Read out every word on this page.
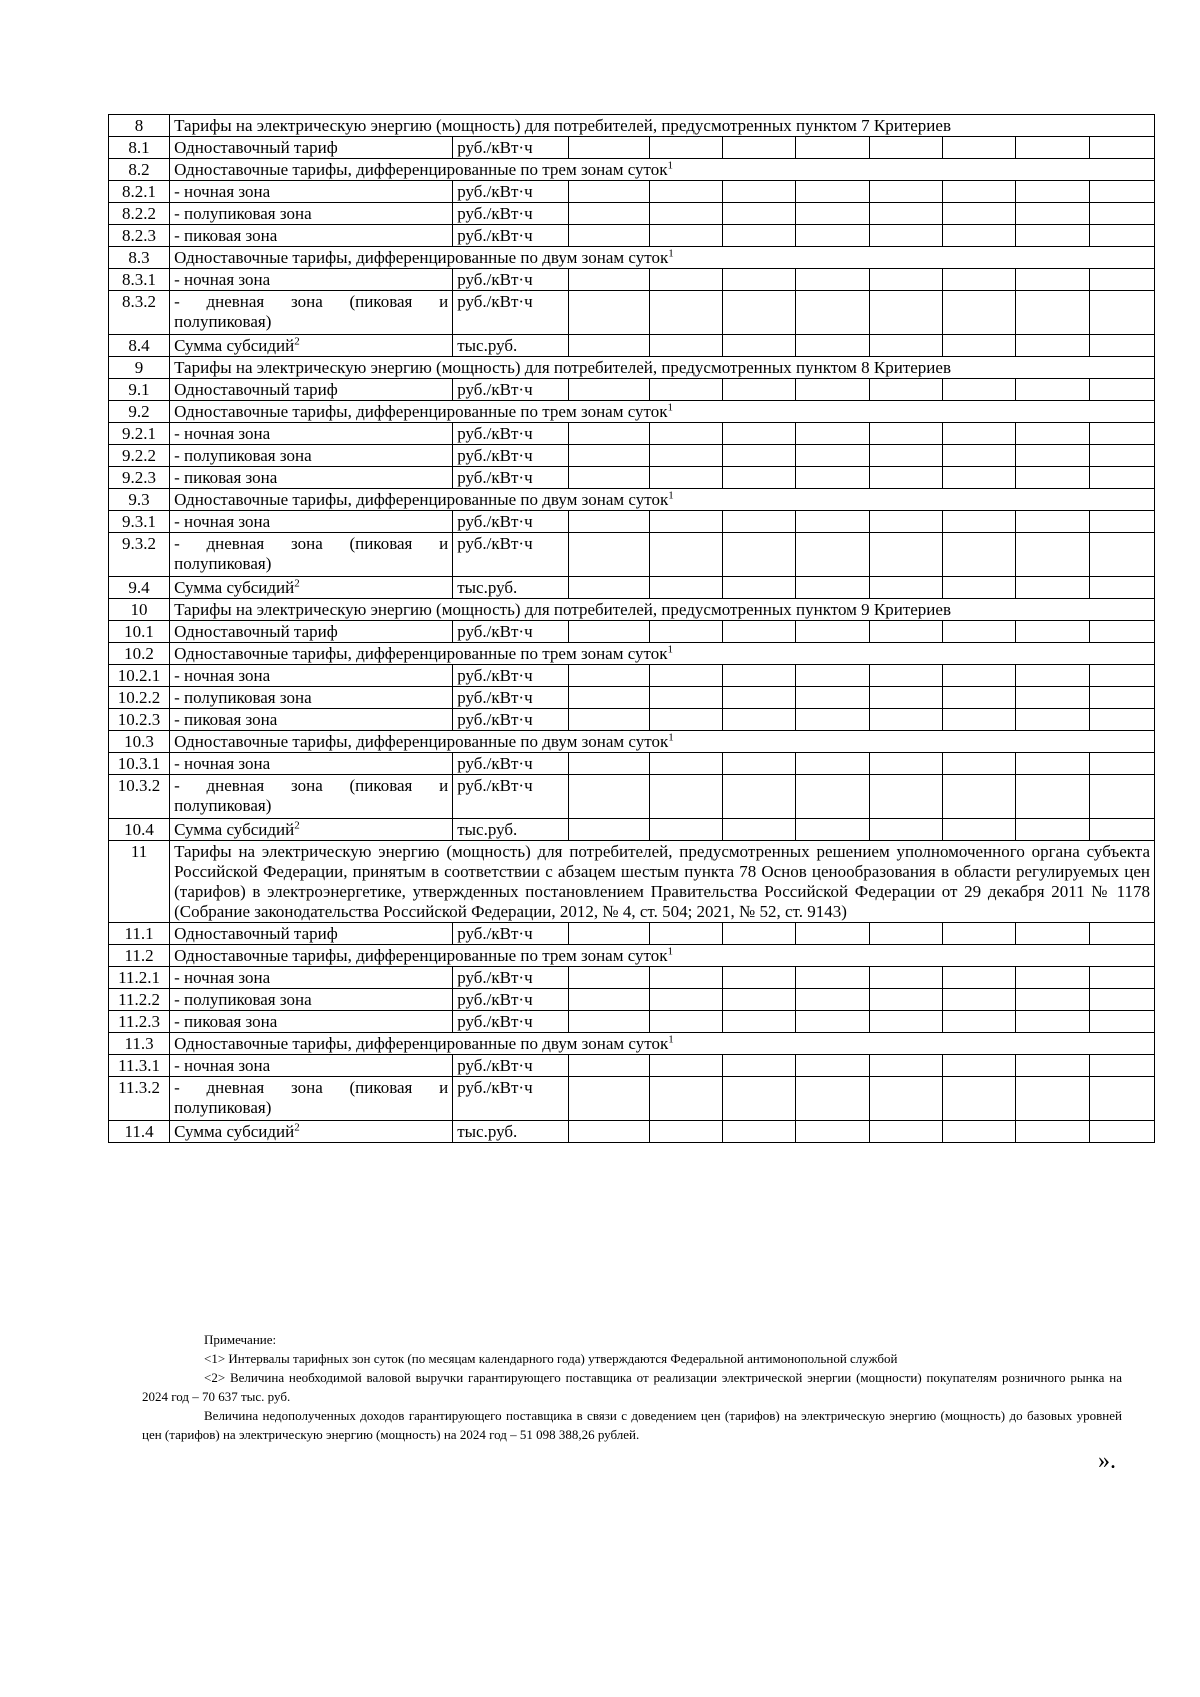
8	Тарифы на электрическую энергию (мощность) для потребителей, предусмотренных пунктом 7 Критериев									
8.1	Одноставочный тариф	руб./кВт·ч								
8.2	Одноставочные тарифы, дифференцированные по трем зонам суток$^1$
8.2.1	- ночная зона	руб./кВт·ч								
8.2.2	- полупиковая зона	руб./кВт·ч								
8.2.3	- пиковая зона	руб./кВт·ч								
8.3	Одноставочные тарифы, дифференцированные по двум зонам суток$^1$
8.3.1	- ночная зона	руб./кВт·ч								
8.3.2	- дневная зона (пиковая и полупиковая)	руб./кВт·ч								
8.4	Сумма субсидий$^2$	тыс.руб.								
9	Тарифы на электрическую энергию (мощность) для потребителей, предусмотренных пунктом 8 Критериев									
9.1	Одноставочный тариф	руб./кВт·ч								
9.2	Одноставочные тарифы, дифференцированные по трем зонам суток$^1$
9.2.1	- ночная зона	руб./кВт·ч								
9.2.2	- полупиковая зона	руб./кВт·ч								
9.2.3	- пиковая зона	руб./кВт·ч								
9.3	Одноставочные тарифы, дифференцированные по двум зонам суток$^1$
9.3.1	- ночная зона	руб./кВт·ч								
9.3.2	- дневная зона (пиковая и полупиковая)	руб./кВт·ч								
9.4	Сумма субсидий$^2$	тыс.руб.								
10	Тарифы на электрическую энергию (мощность) для потребителей, предусмотренных пунктом 9 Критериев									
10.1	Одноставочный тариф	руб./кВт·ч								
10.2	Одноставочные тарифы, дифференцированные по трем зонам суток$^1$
10.2.1	- ночная зона	руб./кВт·ч								
10.2.2	- полупиковая зона	руб./кВт·ч								
10.2.3	- пиковая зона	руб./кВт·ч								
10.3	Одноставочные тарифы, дифференцированные по двум зонам суток$^1$
10.3.1	- ночная зона	руб./кВт·ч								
10.3.2	- дневная зона (пиковая и полупиковая)	руб./кВт·ч								
10.4	Сумма субсидий$^2$	тыс.руб.								
11	Тарифы на электрическую энергию (мощность) для потребителей, предусмотренных решением уполномоченного органа субъекта Российской Федерации, принятым в соответствии с абзацем шестым пункта 78 Основ ценообразования в области регулируемых цен (тарифов) в электроэнергетике, утвержденных постановлением Правительства Российской Федерации от 29 декабря 2011 № 1178 (Собрание законодательства Российской Федерации, 2012, № 4, ст. 504; 2021, № 52, ст. 9143)									
11.1	Одноставочный тариф	руб./кВт·ч								
11.2	Одноставочные тарифы, дифференцированные по трем зонам суток$^1$
11.2.1	- ночная зона	руб./кВт·ч								
11.2.2	- полупиковая зона	руб./кВт·ч								
11.2.3	- пиковая зона	руб./кВт·ч								
11.3	Одноставочные тарифы, дифференцированные по двум зонам суток$^1$
11.3.1	- ночная зона	руб./кВт·ч								
11.3.2	- дневная зона (пиковая и полупиковая)	руб./кВт·ч								
11.4	Сумма субсидий$^2$	тыс.руб.								

Примечание:

<1> Интервалы тарифных зон суток (по месяцам календарного года) утверждаются Федеральной антимонопольной службой

<2> Величина необходимой валовой выручки гарантирующего поставщика от реализации электрической энергии (мощности) покупателям розничного рынка на 2024 год – 70 637 тыс. руб.

Величина недополученных доходов гарантирующего поставщика в связи с доведением цен (тарифов) на электрическую энергию (мощность) до базовых уровней цен (тарифов) на электрическую энергию (мощность) на 2024 год – 51 098 388,26 рублей.

».
